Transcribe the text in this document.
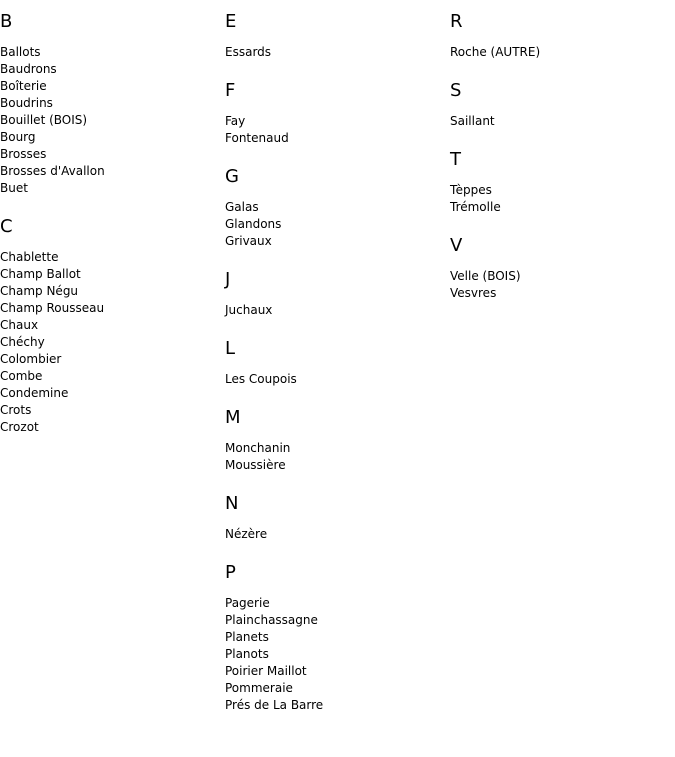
B
Ballots
Baudrons
Boîterie
Boudrins
Bouillet (BOIS)
Bourg
Brosses
Brosses d'Avallon
Buet
C
Chablette
Champ Ballot
Champ Négu
Champ Rousseau
Chaux
Chéchy
Colombier
Combe
Condemine
Crots
Crozot
E
Essards
F
Fay
Fontenaud
G
Galas
Glandons
Grivaux
J
Juchaux
L
Les Coupois
M
Monchanin
Moussière
N
Nézère
P
Pagerie
Plainchassagne
Planets
Planots
Poirier Maillot
Pommeraie
Prés de La Barre
R
Roche (AUTRE)
S
Saillant
T
Tèppes
Trémolle
V
Velle (BOIS)
Vesvres
